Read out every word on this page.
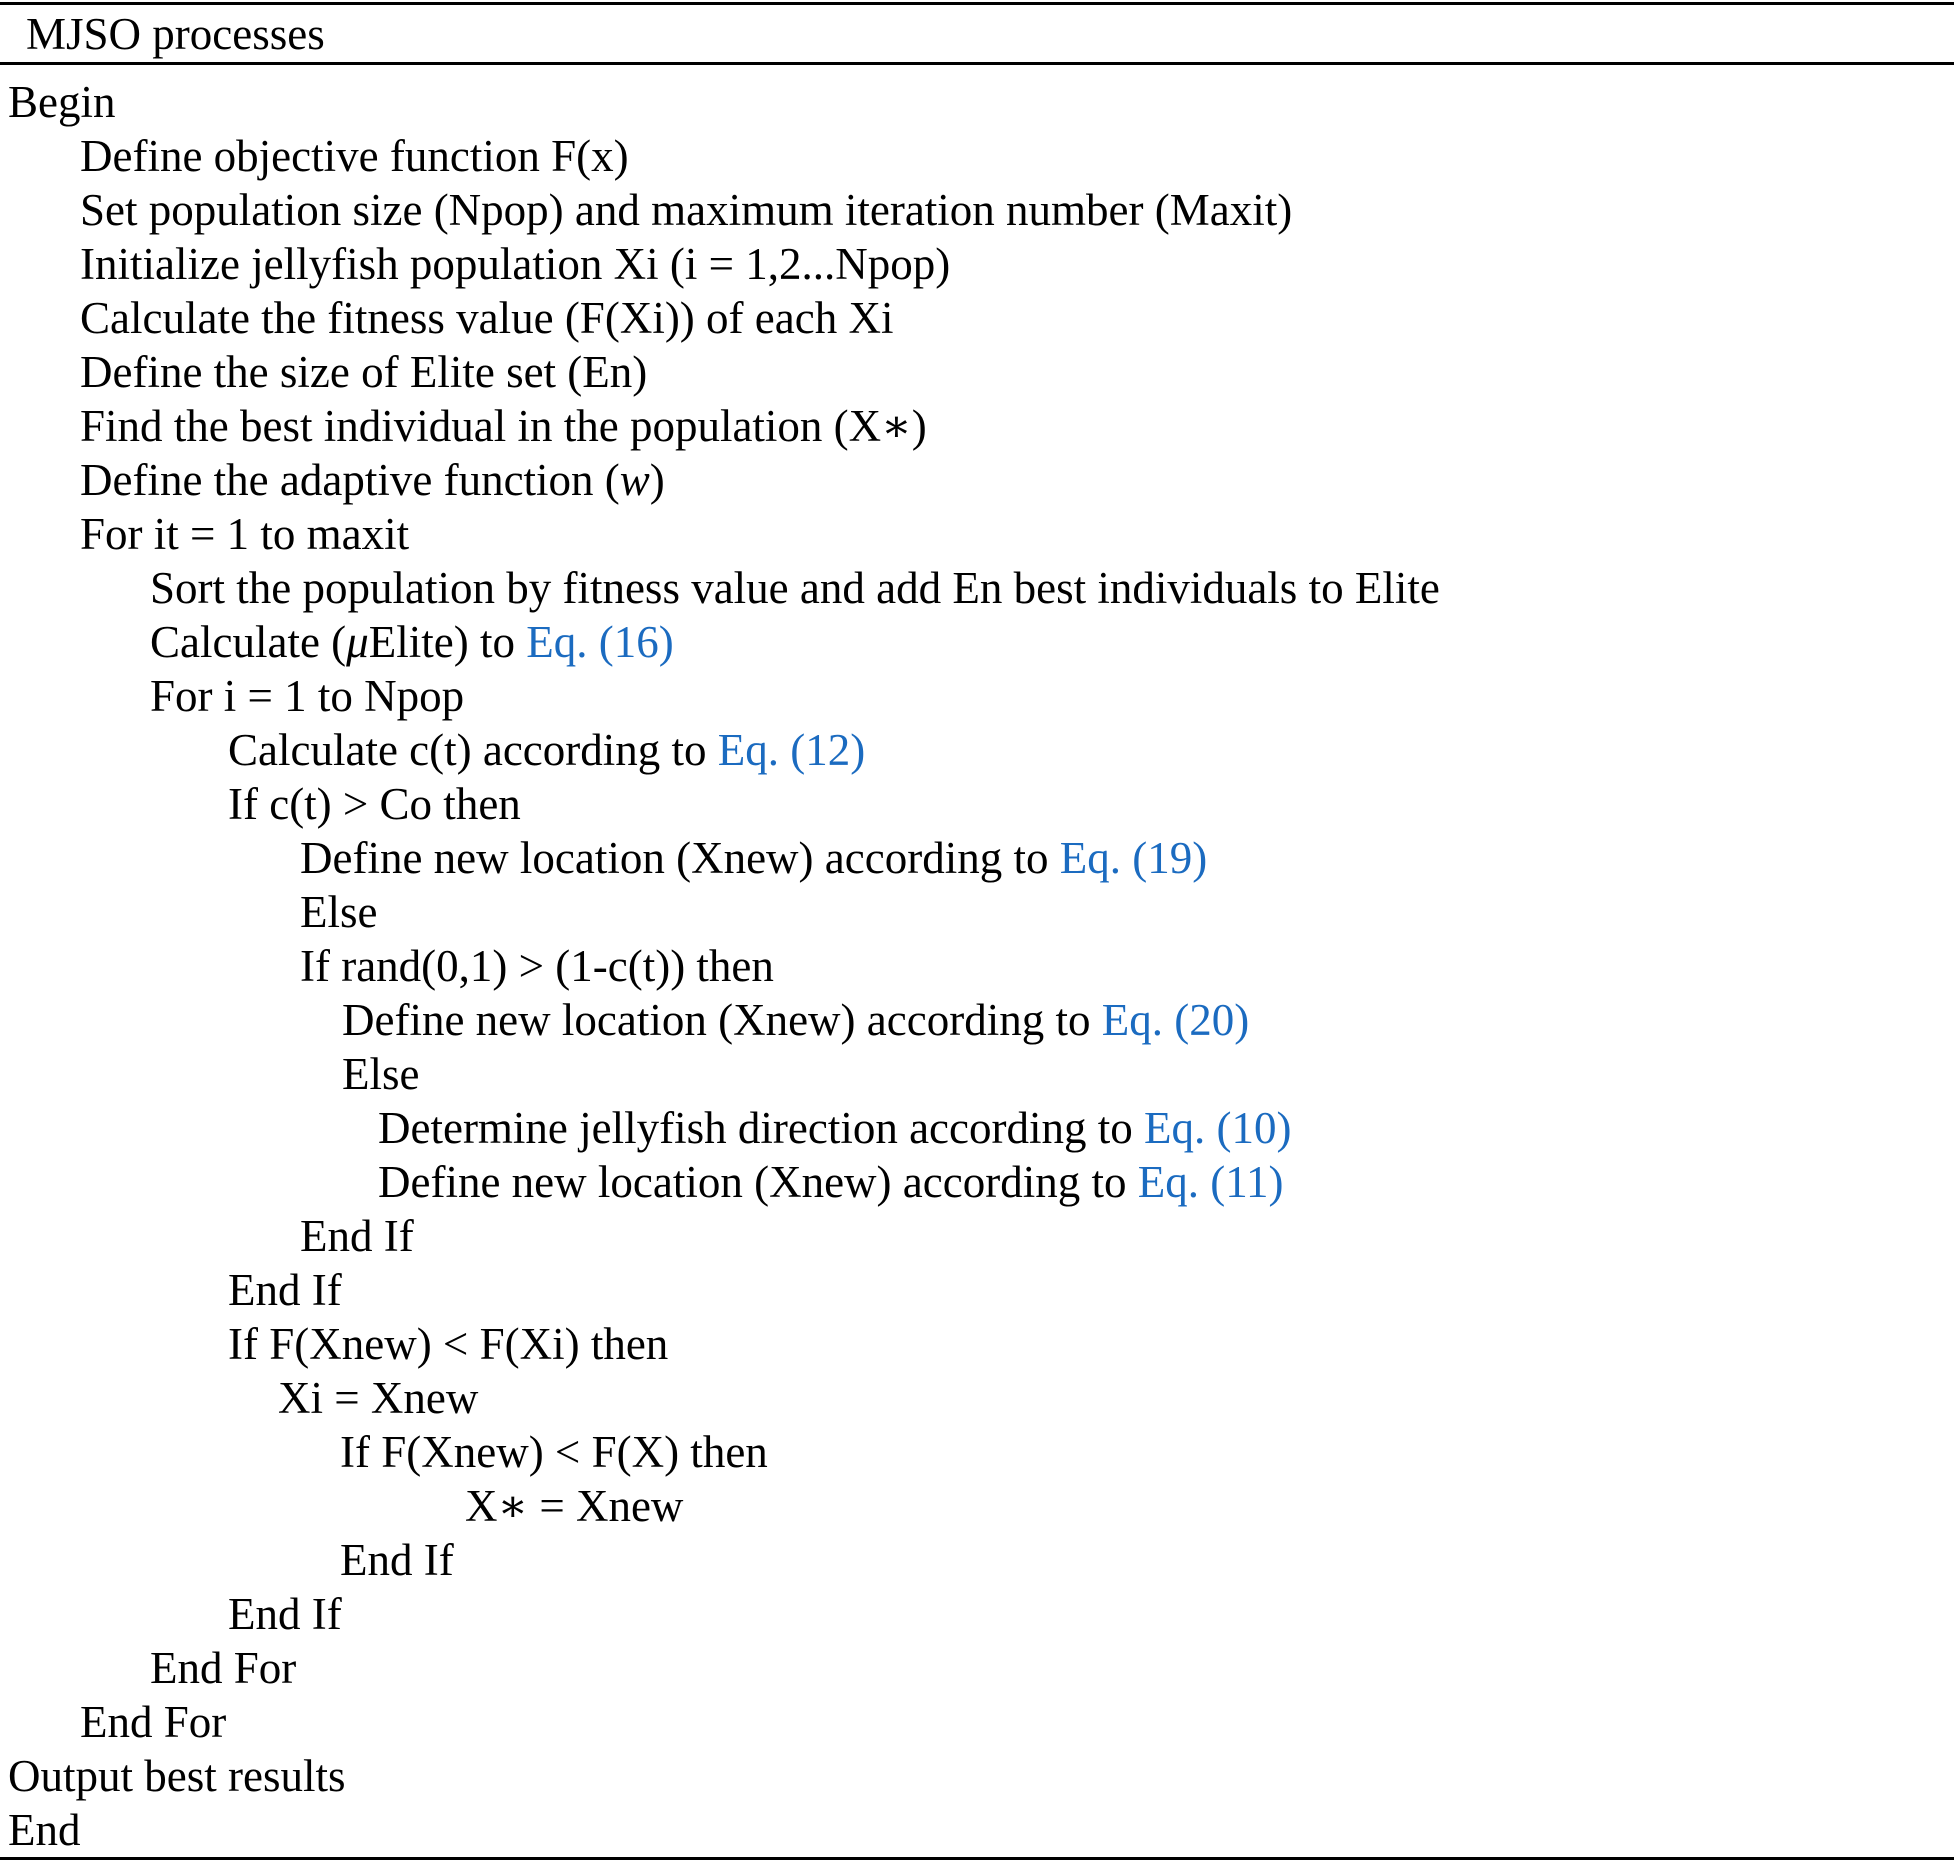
MJSO processes
Begin
Define objective function F(x)
Set population size (Npop) and maximum iteration number (Maxit)
Initialize jellyfish population Xi (i = 1,2...Npop)
Calculate the fitness value (F(Xi)) of each Xi
Define the size of Elite set (En)
Find the best individual in the population (X∗)
Define the adaptive function (w)
For it = 1 to maxit
Sort the population by fitness value and add En best individuals to Elite
Calculate (μElite) to Eq. (16)
For i = 1 to Npop
Calculate c(t) according to Eq. (12)
If c(t) > Co then
Define new location (Xnew) according to Eq. (19)
Else
If rand(0,1) > (1-c(t)) then
Define new location (Xnew) according to Eq. (20)
Else
Determine jellyfish direction according to Eq. (10)
Define new location (Xnew) according to Eq. (11)
End If
End If
If F(Xnew) < F(Xi) then
Xi = Xnew
If F(Xnew) < F(X) then
X∗ = Xnew
End If
End If
End For
End For
Output best results
End
